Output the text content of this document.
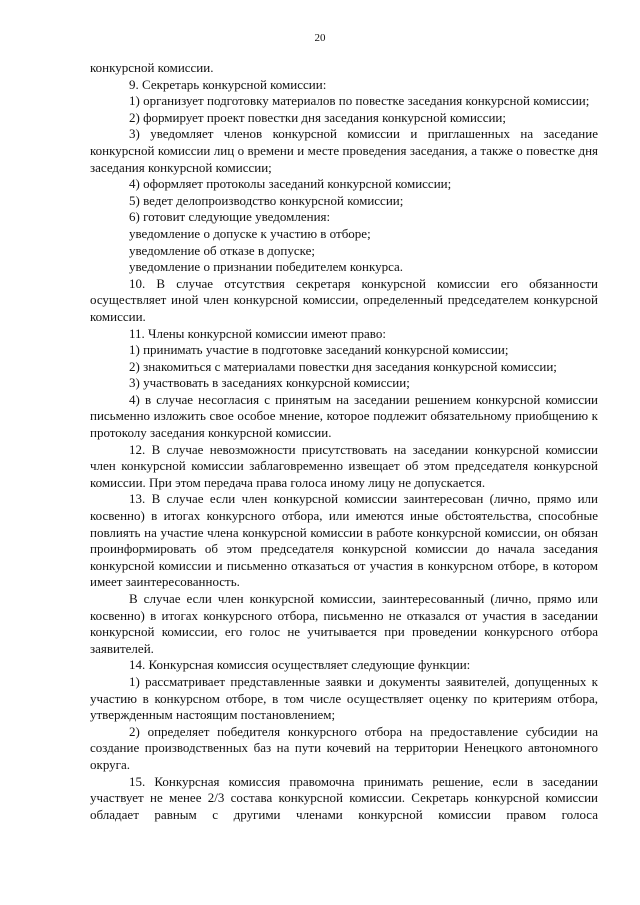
20

конкурсной комиссии.

9. Секретарь конкурсной комиссии:

1) организует подготовку материалов по повестке заседания конкурсной комиссии;

2) формирует проект повестки дня заседания конкурсной комиссии;

3) уведомляет членов конкурсной комиссии и приглашенных на заседание конкурсной комиссии лиц о времени и месте проведения заседания, а также о повестке дня заседания конкурсной комиссии;

4) оформляет протоколы заседаний конкурсной комиссии;

5) ведет делопроизводство конкурсной комиссии;

6) готовит следующие уведомления:

уведомление о допуске к участию в отборе;

уведомление об отказе в допуске;

уведомление о признании победителем конкурса.

10. В случае отсутствия секретаря конкурсной комиссии его обязанности осуществляет иной член конкурсной комиссии, определенный председателем конкурсной комиссии.

11. Члены конкурсной комиссии имеют право:

1) принимать участие в подготовке заседаний конкурсной комиссии;

2) знакомиться с материалами повестки дня заседания конкурсной комиссии;

3) участвовать в заседаниях конкурсной комиссии;

4) в случае несогласия с принятым на заседании решением конкурсной комиссии письменно изложить свое особое мнение, которое подлежит обязательному приобщению к протоколу заседания конкурсной комиссии.

12. В случае невозможности присутствовать на заседании конкурсной комиссии член конкурсной комиссии заблаговременно извещает об этом председателя конкурсной комиссии. При этом передача права голоса иному лицу не допускается.

13. В случае если член конкурсной комиссии заинтересован (лично, прямо или косвенно) в итогах конкурсного отбора, или имеются иные обстоятельства, способные повлиять на участие члена конкурсной комиссии в работе конкурсной комиссии, он обязан проинформировать об этом председателя конкурсной комиссии до начала заседания конкурсной комиссии и письменно отказаться от участия в конкурсном отборе, в котором имеет заинтересованность.

В случае если член конкурсной комиссии, заинтересованный (лично, прямо или косвенно) в итогах конкурсного отбора, письменно не отказался от участия в заседании конкурсной комиссии, его голос не учитывается при проведении конкурсного отбора заявителей.

14. Конкурсная комиссия осуществляет следующие функции:

1) рассматривает представленные заявки и документы заявителей, допущенных к участию в конкурсном отборе, в том числе осуществляет оценку по критериям отбора, утвержденным настоящим постановлением;

2) определяет победителя конкурсного отбора на предоставление субсидии на создание производственных баз на пути кочевий на территории Ненецкого автономного округа.

15. Конкурсная комиссия правомочна принимать решение, если в заседании участвует не менее 2/3 состава конкурсной комиссии. Секретарь конкурсной комиссии обладает равным с другими членами конкурсной комиссии правом голоса
